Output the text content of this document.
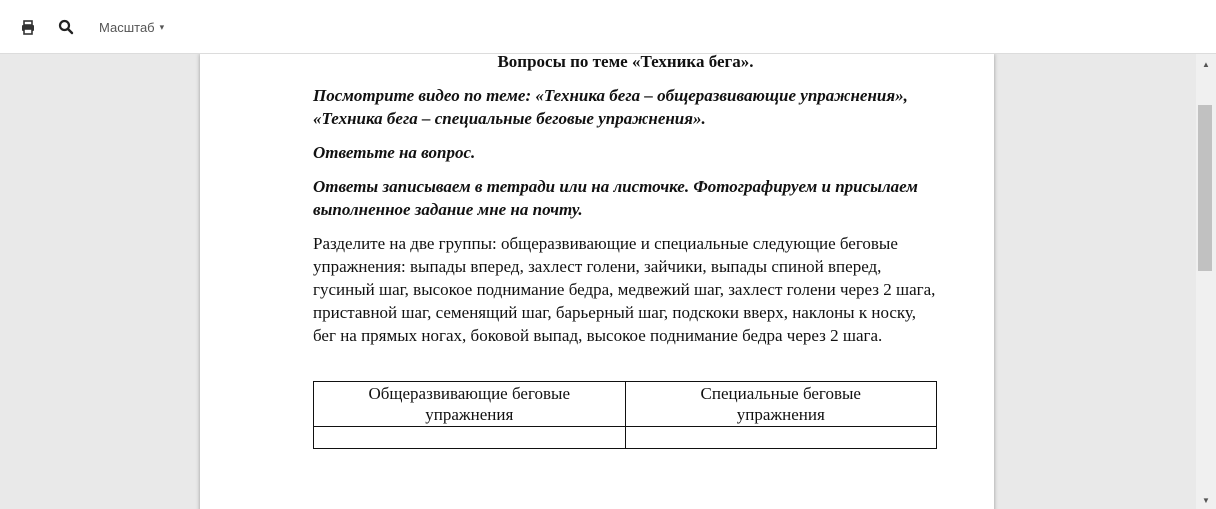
Масштаб ▾
Вопросы по теме «Техника бега».
Посмотрите видео по теме: «Техника бега – общеразвивающие упражнения», «Техника бега – специальные беговые упражнения».
Ответьте на вопрос.
Ответы записываем в тетради или на листочке. Фотографируем и присылаем выполненное задание мне на почту.
Разделите на две группы: общеразвивающие и специальные следующие беговые упражнения: выпады вперед, захлест голени, зайчики, выпады спиной вперед, гусиный шаг, высокое поднимание бедра, медвежий шаг, захлест голени через 2 шага, приставной шаг, семенящий шаг, барьерный шаг, подскоки вверх, наклоны к носку, бег на прямых ногах, боковой выпад, высокое поднимание бедра через 2 шага.
Общеразвивающие беговые упражнения	Специальные беговые упражнения

▲
▼
